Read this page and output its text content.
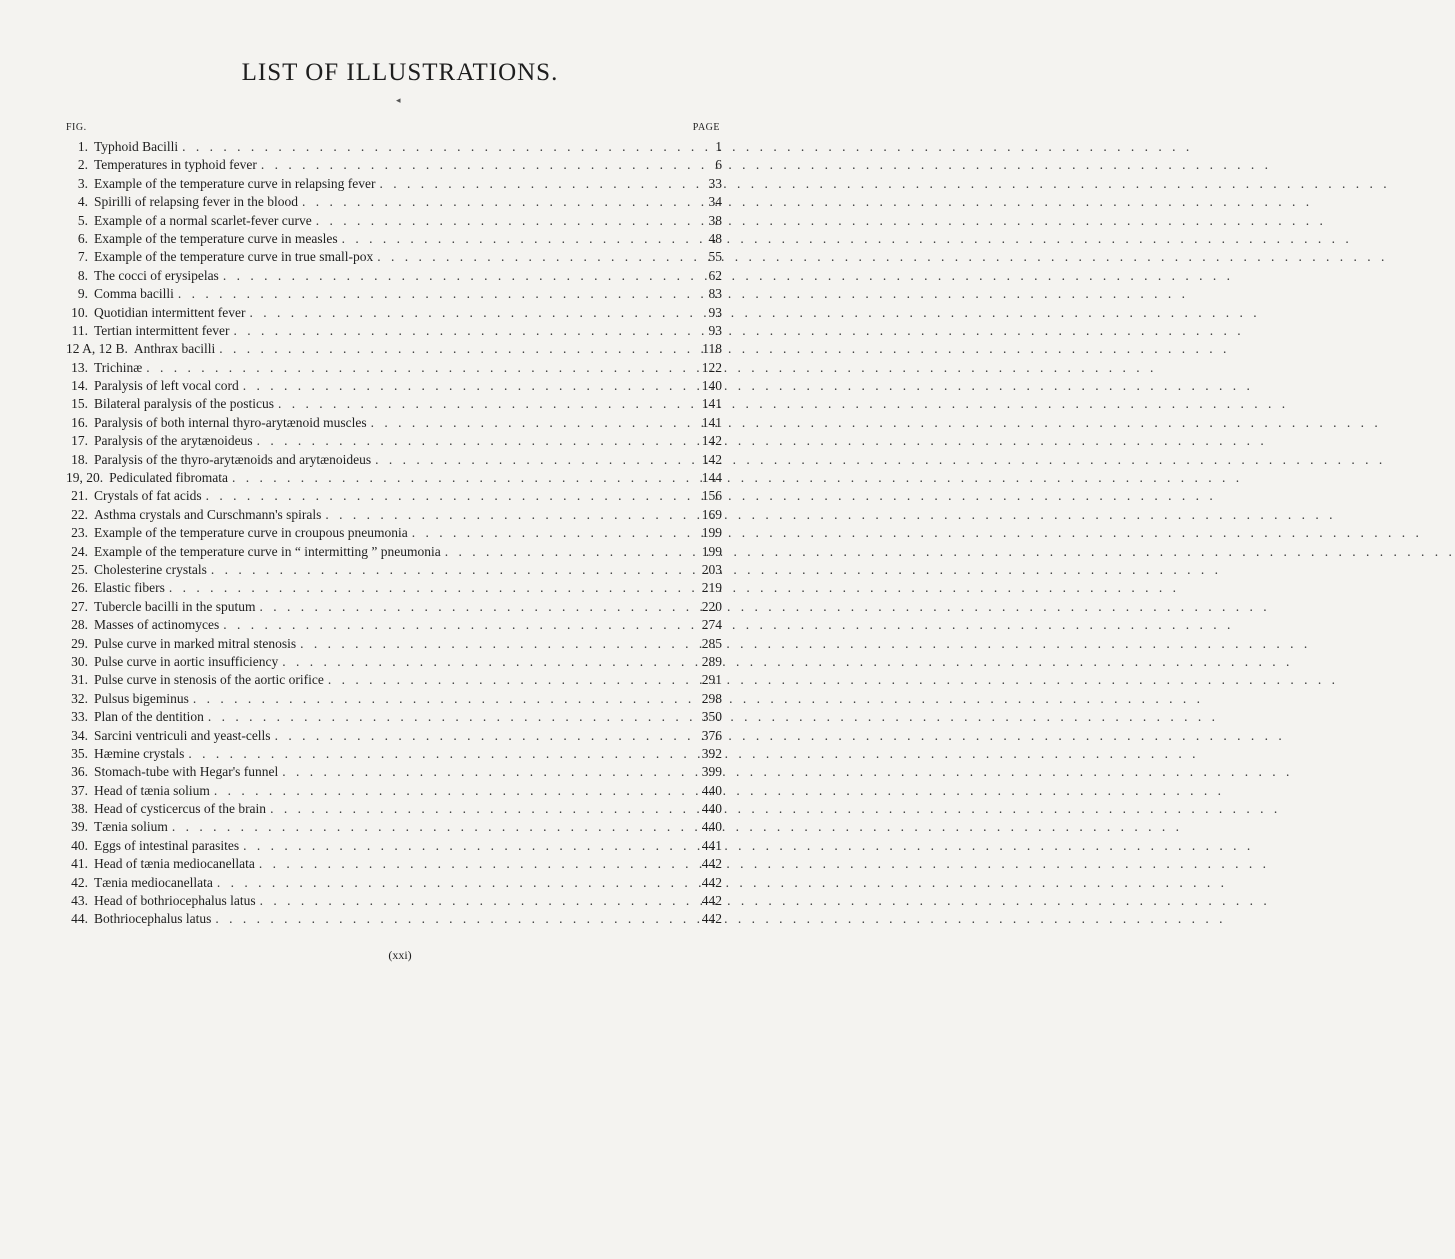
LIST OF ILLUSTRATIONS.
◂
FIG.	PAGE
1. Typhoid Bacilli . . .	1
2. Temperatures in typhoid fever . . .	6
3. Example of the temperature curve in relapsing fever . . .	33
4. Spirilli of relapsing fever in the blood . . .	34
5. Example of a normal scarlet-fever curve . . .	38
6. Example of the temperature curve in measles . . .	48
7. Example of the temperature curve in true small-pox . . .	55
8. The cocci of erysipelas . . .	62
9. Comma bacilli . . .	83
10. Quotidian intermittent fever . . .	93
11. Tertian intermittent fever . . .	93
12 A, 12 B. Anthrax bacilli . . .	118
13. Trichinæ . . .	122
14. Paralysis of left vocal cord . . .	140
15. Bilateral paralysis of the posticus . . .	141
16. Paralysis of both internal thyro-arytænoid muscles . . .	141
17. Paralysis of the arytænoideus . . .	142
18. Paralysis of the thyro-arytænoids and arytænoideus . . .	142
19, 20. Pediculated fibromata . . .	144
21. Crystals of fat acids . . .	156
22. Asthma crystals and Curschmann's spirals . . .	169
23. Example of the temperature curve in croupous pneumonia . . .	199
24. Example of the temperature curve in “ intermitting ” pneumonia . . .	199
25. Cholesterine crystals . . .	203
26. Elastic fibers . . .	219
27. Tubercle bacilli in the sputum . . .	220
28. Masses of actinomyces . . .	274
29. Pulse curve in marked mitral stenosis . . .	285
30. Pulse curve in aortic insufficiency . . .	289
31. Pulse curve in stenosis of the aortic orifice . . .	291
32. Pulsus bigeminus . . .	298
33. Plan of the dentition . . .	350
34. Sarcini ventriculi and yeast-cells . . .	376
35. Hæmine crystals . . .	392
36. Stomach-tube with Hegar's funnel . . .	399
37. Head of tænia solium . . .	440
38. Head of cysticercus of the brain . . .	440
39. Tænia solium . . .	440
40. Eggs of intestinal parasites . . .	441
41. Head of tænia mediocanellata . . .	442
42. Tænia mediocanellata . . .	442
43. Head of bothriocephalus latus . . .	442
44. Bothriocephalus latus . . .	442
(xxi)
